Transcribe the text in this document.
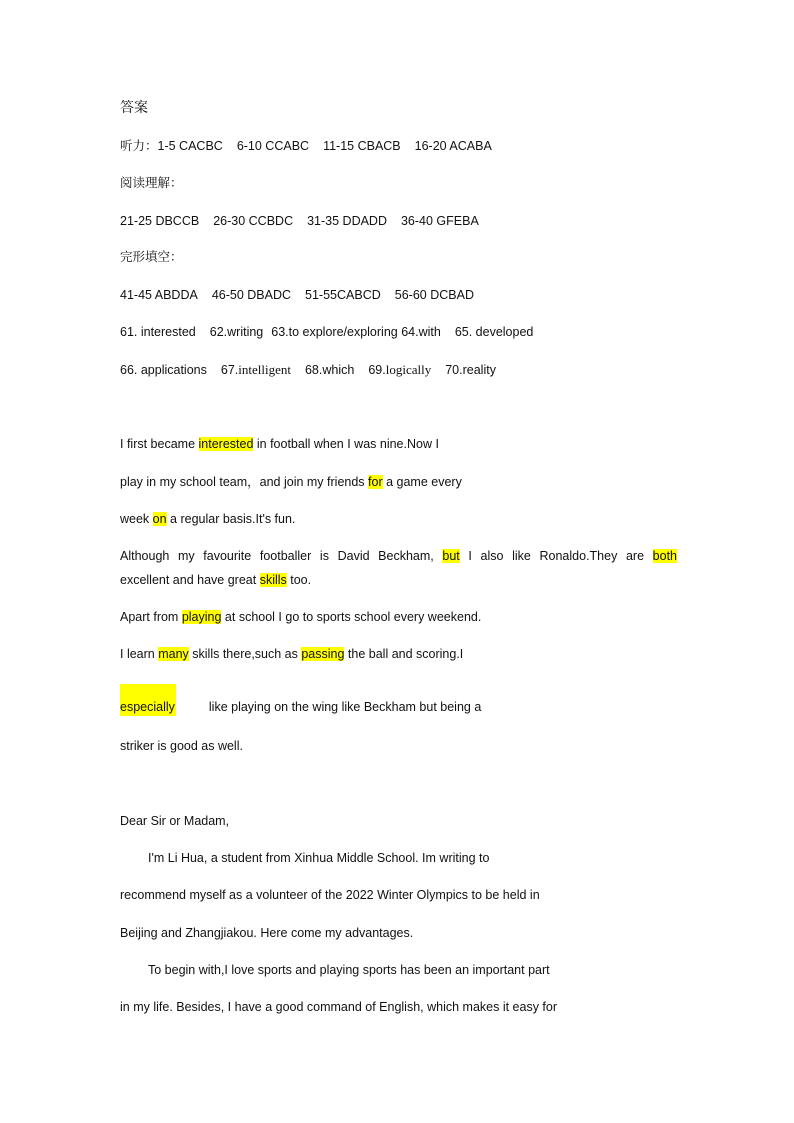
答案
听力：1-5 CACBC 6-10 CCABC 11-15 CBACB 16-20 ACABA
阅读理解：
21-25 DBCCB 26-30 CCBDC 31-35 DDADD 36-40 GFEBA
完形填空：
41-45 ABDDA 46-50 DBADC 51-55CABCD 56-60 DCBAD
61. interested 62.writing 63.to explore/exploring 64.with 65. developed
66. applications 67.intelligent 68.which 69.logically 70.reality
I first became interested in football when I was nine.Now I
play in my school team，and join my friends for a game every
week on a regular basis.It's fun.
Although my favourite footballer is David Beckham, but I also like Ronaldo.They are both
excellent and have great skills too.
Apart from playing at school I go to sports school every weekend.
I learn many skills there,such as passing the ball and scoring.I
especially	like playing on the wing like Beckham but being a
striker is good as well.
Dear Sir or Madam,
I'm Li Hua, a student from Xinhua Middle School. Im writing to
recommend myself as a volunteer of the 2022 Winter Olympics to be held in
Beijing and Zhangjiakou. Here come my advantages.
To begin with,I love sports and playing sports has been an important part
in my life. Besides, I have a good command of English, which makes it easy for
